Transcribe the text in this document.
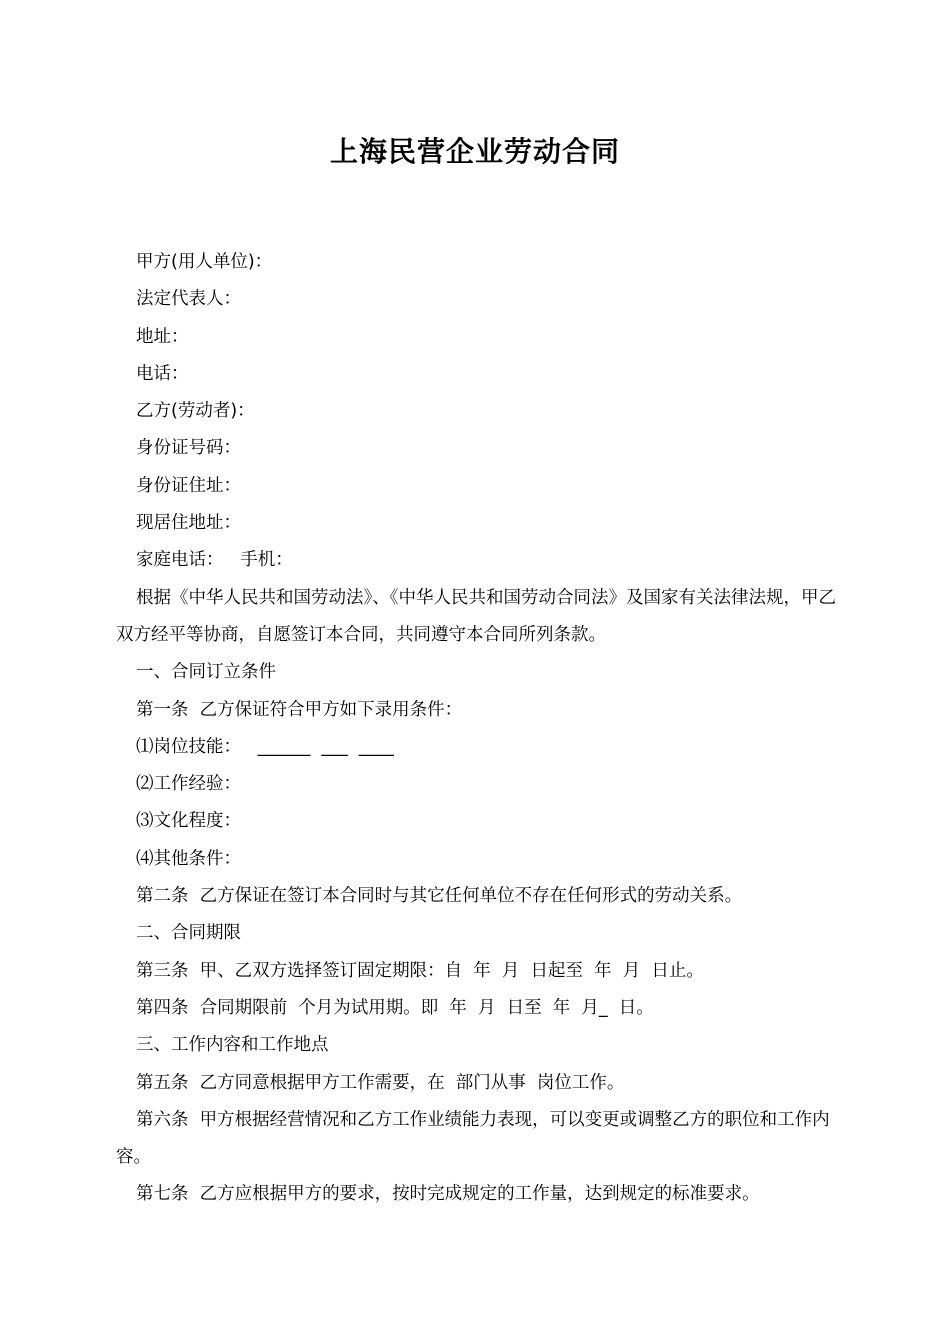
上海民营企业劳动合同

甲方(用人单位)：

法定代表人：

地址：

电话：

乙方(劳动者)：

身份证号码：

身份证住址：

现居住地址：

家庭电话：   手机：

根据《中华人民共和国劳动法》、《中华人民共和国劳动合同法》及国家有关法律法规，甲乙双方经平等协商，自愿签订本合同，共同遵守本合同所列条款。

一、合同订立条件

第一条  乙方保证符合甲方如下录用条件：

⑴岗位技能：   ______  ___  ____

⑵工作经验：

⑶文化程度：

⑷其他条件：

第二条  乙方保证在签订本合同时与其它任何单位不存在任何形式的劳动关系。

二、合同期限

第三条  甲、乙双方选择签订固定期限：自  年  月  日起至  年  月  日止。

第四条  合同期限前  个月为试用期。即  年  月  日至  年  月_  日。

三、工作内容和工作地点

第五条  乙方同意根据甲方工作需要，在  部门从事  岗位工作。

第六条  甲方根据经营情况和乙方工作业绩能力表现，可以变更或调整乙方的职位和工作内容。

第七条  乙方应根据甲方的要求，按时完成规定的工作量，达到规定的标准要求。
